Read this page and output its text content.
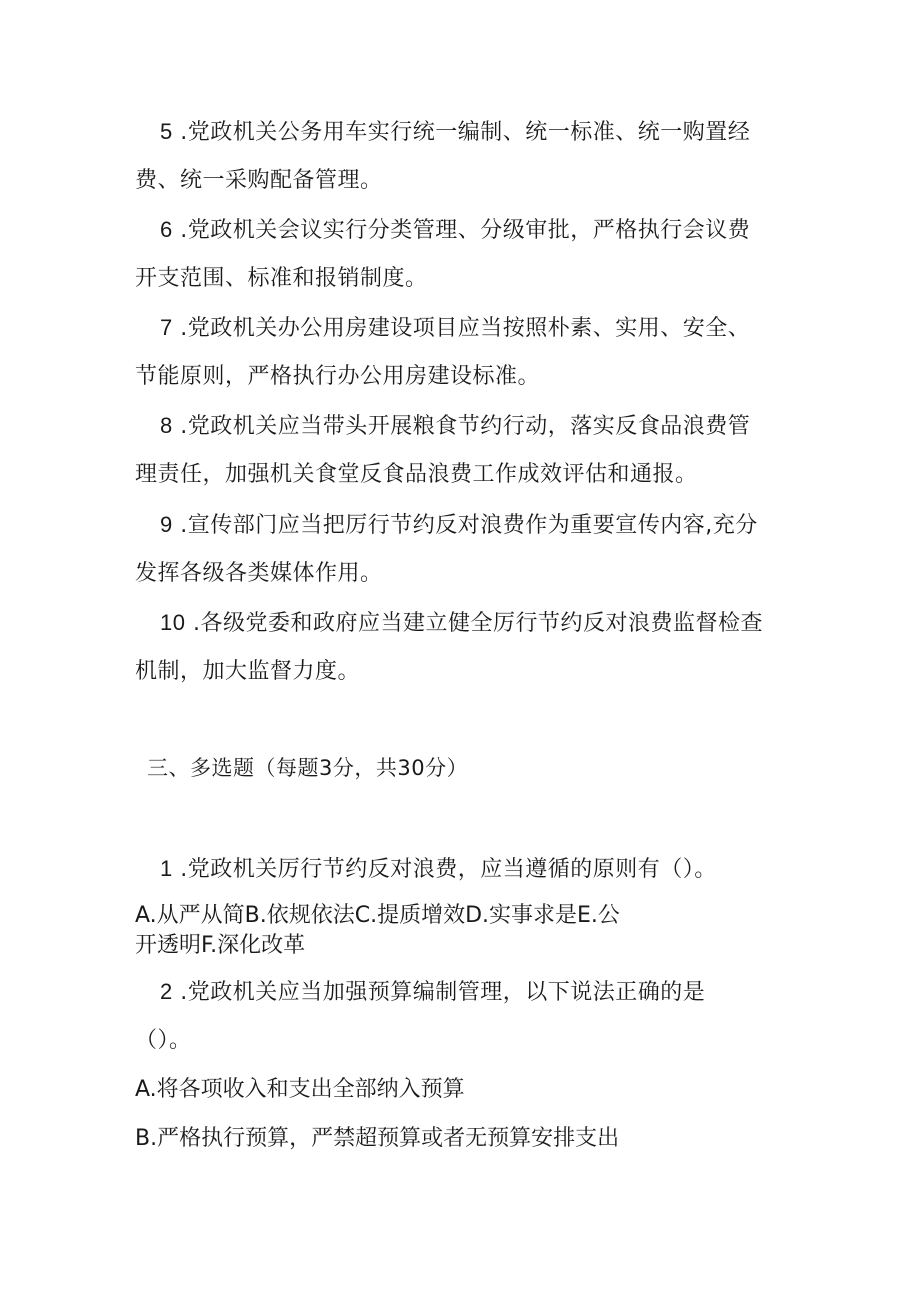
5 .党政机关公务用车实行统一编制、统一标准、统一购置经
费、统一采购配备管理。
6 .党政机关会议实行分类管理、分级审批，严格执行会议费
开支范围、标准和报销制度。
7 .党政机关办公用房建设项目应当按照朴素、实用、安全、
节能原则，严格执行办公用房建设标准。
8 .党政机关应当带头开展粮食节约行动，落实反食品浪费管
理责任，加强机关食堂反食品浪费工作成效评估和通报。
9 .宣传部门应当把厉行节约反对浪费作为重要宣传内容,充分
发挥各级各类媒体作用。
10 .各级党委和政府应当建立健全厉行节约反对浪费监督检查
机制，加大监督力度。
三、多选题（每题3分，共30分）
1 .党政机关厉行节约反对浪费，应当遵循的原则有（）。
A.从严从简B.依规依法C.提质增效D.实事求是E.公
开透明F.深化改革
2 .党政机关应当加强预算编制管理，以下说法正确的是
（）。
A.将各项收入和支出全部纳入预算
B.严格执行预算，严禁超预算或者无预算安排支出
